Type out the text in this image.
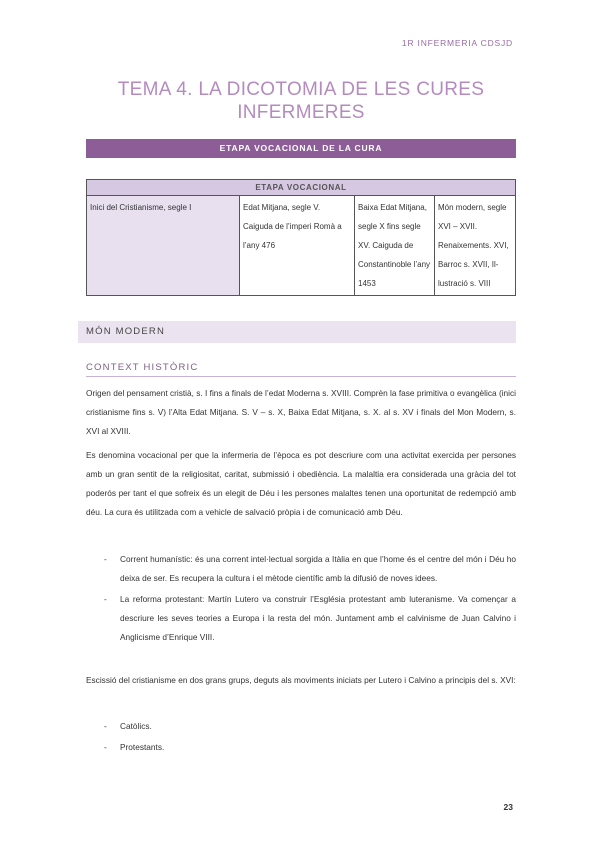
1R INFERMERIA CDSJD
TEMA 4. LA DICOTOMIA DE LES CURES
INFERMERES
ETAPA VOCACIONAL DE LA CURA
ETAPA VOCACIONAL
Inici del Cristianisme, segle I	Edat Mitjana, segle V. Caiguda de l’imperi Romà a l’any 476	Baixa Edat Mitjana, segle X fins segle XV. Caiguda de Constantinoble l’any 1453	Món modern, segle XVI – XVII. Renaixements. XVI, Barroc s. XVII, Il-lustració s. VIII
MÓN MODERN
CONTEXT HISTÒRIC

Origen del pensament cristià, s. I fins a finals de l’edat Moderna s. XVIII. Comprèn la fase primitiva o evangèlica (inici cristianisme fins s. V) l’Alta Edat Mitjana. S. V – s. X, Baixa Edat Mitjana, s. X. al s. XV i finals del Mon Modern, s. XVI al XVIII.

Es denomina vocacional per que la infermeria de l’època es pot descriure com una activitat exercida per persones amb un gran sentit de la religiositat, caritat, submissió i obediència. La malaltia era considerada una gràcia del tot poderós per tant el que sofreix és un elegit de Déu i les persones malaltes tenen una oportunitat de redempció amb déu. La cura és utilitzada com a vehicle de salvació pròpia i de comunicació amb Déu.

- Corrent humanístic: és una corrent intel·lectual sorgida a Itàlia en que l’home és el centre del món i Déu ho deixa de ser. Es recupera la cultura i el mètode científic amb la difusió de noves idees.
- La reforma protestant: Martín Lutero va construir l’Església protestant amb luteranisme. Va començar a descriure les seves teories a Europa i la resta del món. Juntament amb el calvinisme de Juan Calvino i Anglicisme d’Enrique VIII.

Escissió del cristianisme en dos grans grups, deguts als moviments iniciats per Lutero i Calvino a principis del s. XVI:

- Catòlics.
- Protestants.
23
